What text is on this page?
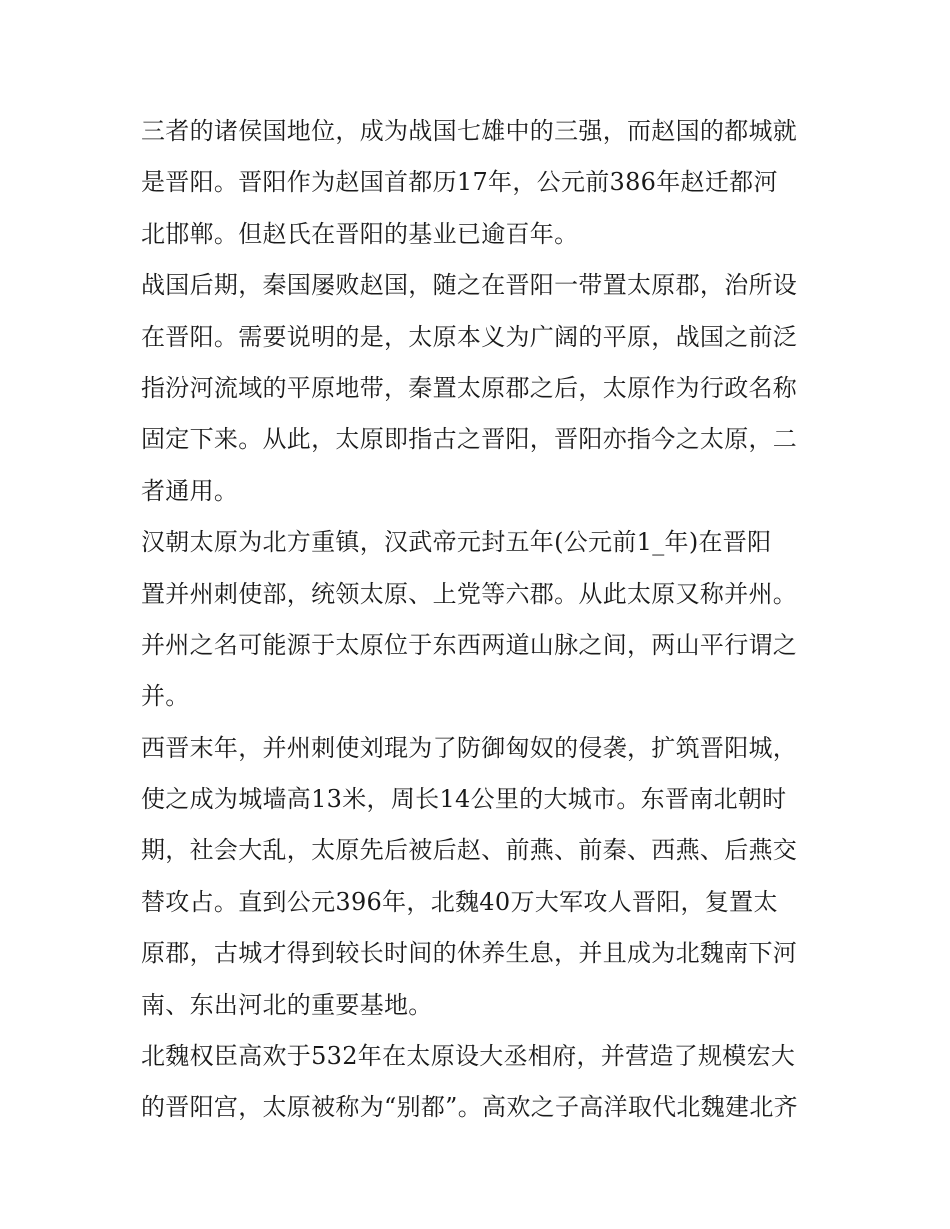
三者的诸侯国地位，成为战国七雄中的三强，而赵国的都城就
是晋阳。晋阳作为赵国首都历17年，公元前386年赵迁都河
北邯郸。但赵氏在晋阳的基业已逾百年。
战国后期，秦国屡败赵国，随之在晋阳一带置太原郡，治所设
在晋阳。需要说明的是，太原本义为广阔的平原，战国之前泛
指汾河流域的平原地带，秦置太原郡之后，太原作为行政名称
固定下来。从此，太原即指古之晋阳，晋阳亦指今之太原，二
者通用。
汉朝太原为北方重镇，汉武帝元封五年(公元前1_年)在晋阳
置并州刺使部，统领太原、上党等六郡。从此太原又称并州。
并州之名可能源于太原位于东西两道山脉之间，两山平行谓之
并。
西晋末年，并州刺使刘琨为了防御匈奴的侵袭，扩筑晋阳城，
使之成为城墙高13米，周长14公里的大城市。东晋南北朝时
期，社会大乱，太原先后被后赵、前燕、前秦、西燕、后燕交
替攻占。直到公元396年，北魏40万大军攻人晋阳，复置太
原郡，古城才得到较长时间的休养生息，并且成为北魏南下河
南、东出河北的重要基地。
北魏权臣高欢于532年在太原设大丞相府，并营造了规模宏大
的晋阳宫，太原被称为“别都”。高欢之子高洋取代北魏建北齐
